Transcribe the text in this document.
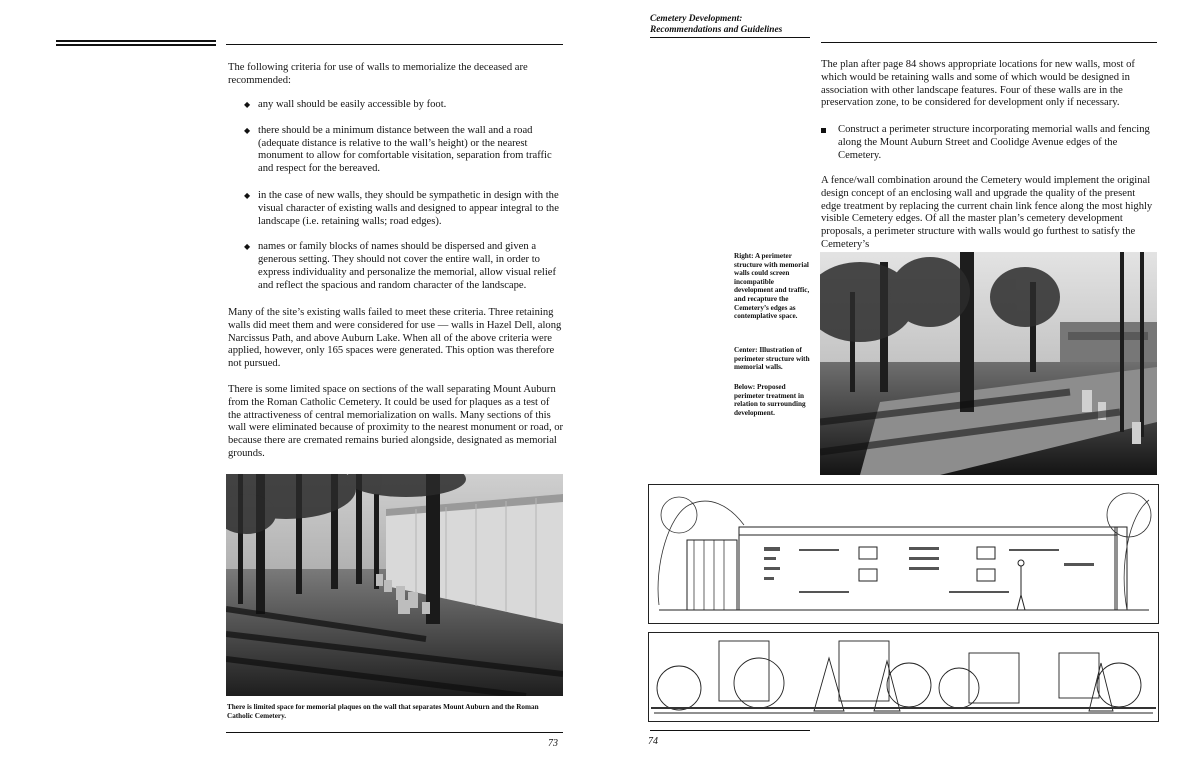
The following criteria for use of walls to memorialize the deceased are recommended:

◆ any wall should be easily accessible by foot.
◆ there should be a minimum distance between the wall and a road (adequate distance is relative to the wall’s height) or the nearest monument to allow for comfortable visitation, separation from traffic and respect for the bereaved.
◆ in the case of new walls, they should be sympathetic in design with the visual character of existing walls and designed to appear integral to the landscape (i.e. retaining walls; road edges).
◆ names or family blocks of names should be dispersed and given a generous setting. They should not cover the entire wall, in order to express individuality and personalize the memorial, allow visual relief and reflect the spacious and random character of the landscape.

Many of the site’s existing walls failed to meet these criteria. Three retaining walls did meet them and were considered for use — walls in Hazel Dell, along Narcissus Path, and above Auburn Lake. When all of the above criteria were applied, however, only 165 spaces were generated. This option was therefore not pursued.

There is some limited space on sections of the wall separating Mount Auburn from the Roman Catholic Cemetery. It could be used for plaques as a test of the attractiveness of central memorialization on walls. Many sections of this wall were eliminated because of proximity to the nearest monument or road, or because there are cremated remains buried alongside, designated as memorial grounds.

There is limited space for memorial plaques on the wall that separates Mount Auburn and the Roman Catholic Cemetery.
73
Cemetery Development:
Recommendations and Guidelines

The plan after page 84 shows appropriate locations for new walls, most of which would be retaining walls and some of which would be designed in association with other landscape features. Four of these walls are in the preservation zone, to be considered for development only if necessary.

Construct a perimeter structure incorporating memorial walls and fencing along the Mount Auburn Street and Coolidge Avenue edges of the Cemetery.

A fence/wall combination around the Cemetery would implement the original design concept of an enclosing wall and upgrade the quality of the present edge treatment by replacing the current chain link fence along the most highly visible Cemetery edges. Of all the master plan’s cemetery development proposals, a perimeter structure with walls would go furthest to satisfy the Cemetery’s

Right: A perimeter structure with memorial walls could screen incompatible development and traffic, and recapture the Cemetery’s edges as contemplative space.
Center: Illustration of perimeter structure with memorial walls.
Below: Proposed perimeter treatment in relation to surrounding development.
74
